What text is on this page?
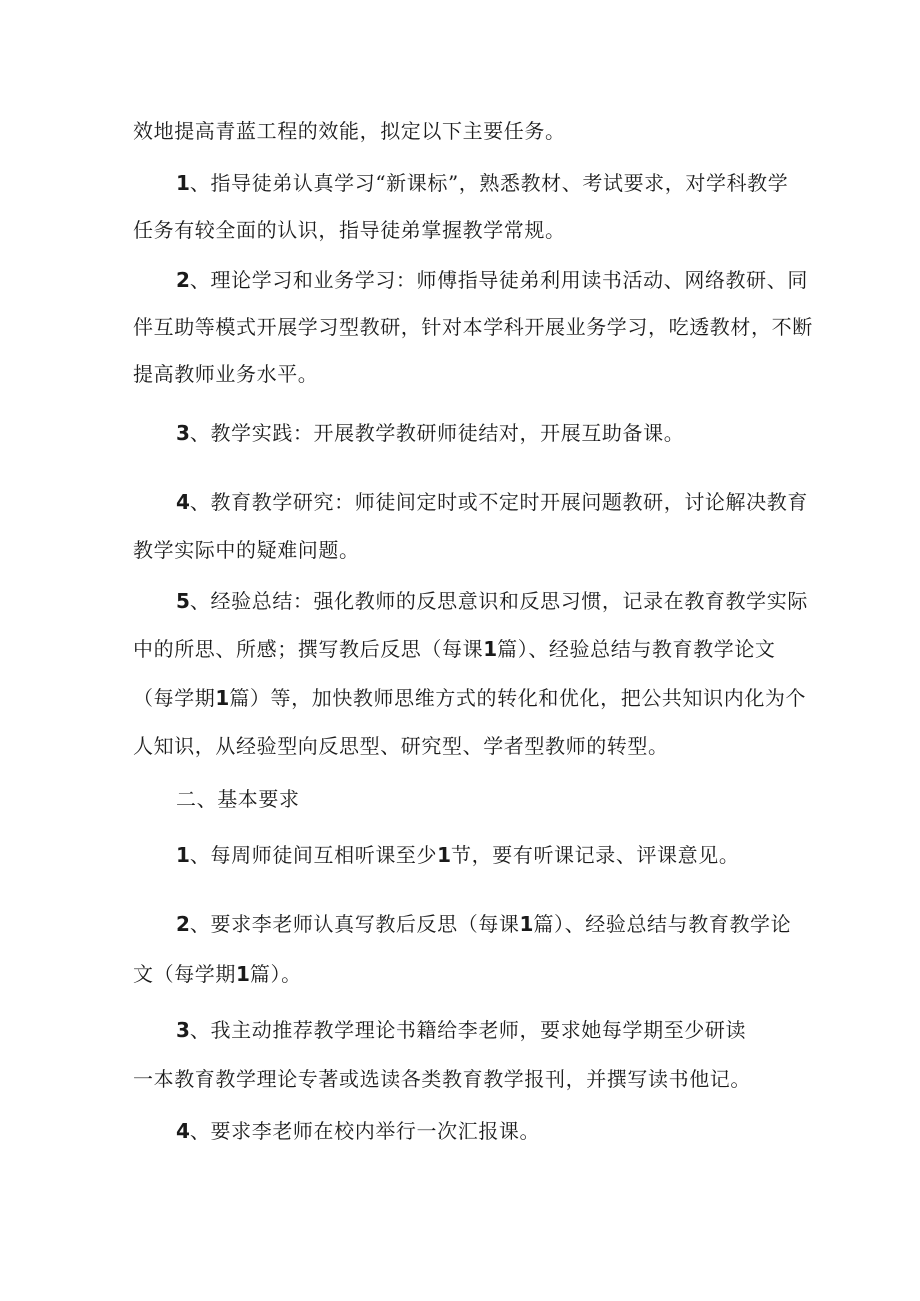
效地提高青蓝工程的效能，拟定以下主要任务。
1、指导徒弟认真学习“新课标”，熟悉教材、考试要求，对学科教学
任务有较全面的认识，指导徒弟掌握教学常规。
2、理论学习和业务学习：师傅指导徒弟利用读书活动、网络教研、同
伴互助等模式开展学习型教研，针对本学科开展业务学习，吃透教材，不断
提高教师业务水平。
3、教学实践：开展教学教研师徒结对，开展互助备课。
4、教育教学研究：师徒间定时或不定时开展问题教研，讨论解决教育
教学实际中的疑难问题。
5、经验总结：强化教师的反思意识和反思习惯，记录在教育教学实际
中的所思、所感；撰写教后反思（每课1篇）、经验总结与教育教学论文
（每学期1篇）等，加快教师思维方式的转化和优化，把公共知识内化为个
人知识，从经验型向反思型、研究型、学者型教师的转型。
二、基本要求
1、每周师徒间互相听课至少1节，要有听课记录、评课意见。
2、要求李老师认真写教后反思（每课1篇）、经验总结与教育教学论
文（每学期1篇）。
3、我主动推荐教学理论书籍给李老师，要求她每学期至少研读
一本教育教学理论专著或选读各类教育教学报刊，并撰写读书他记。
4、要求李老师在校内举行一次汇报课。
